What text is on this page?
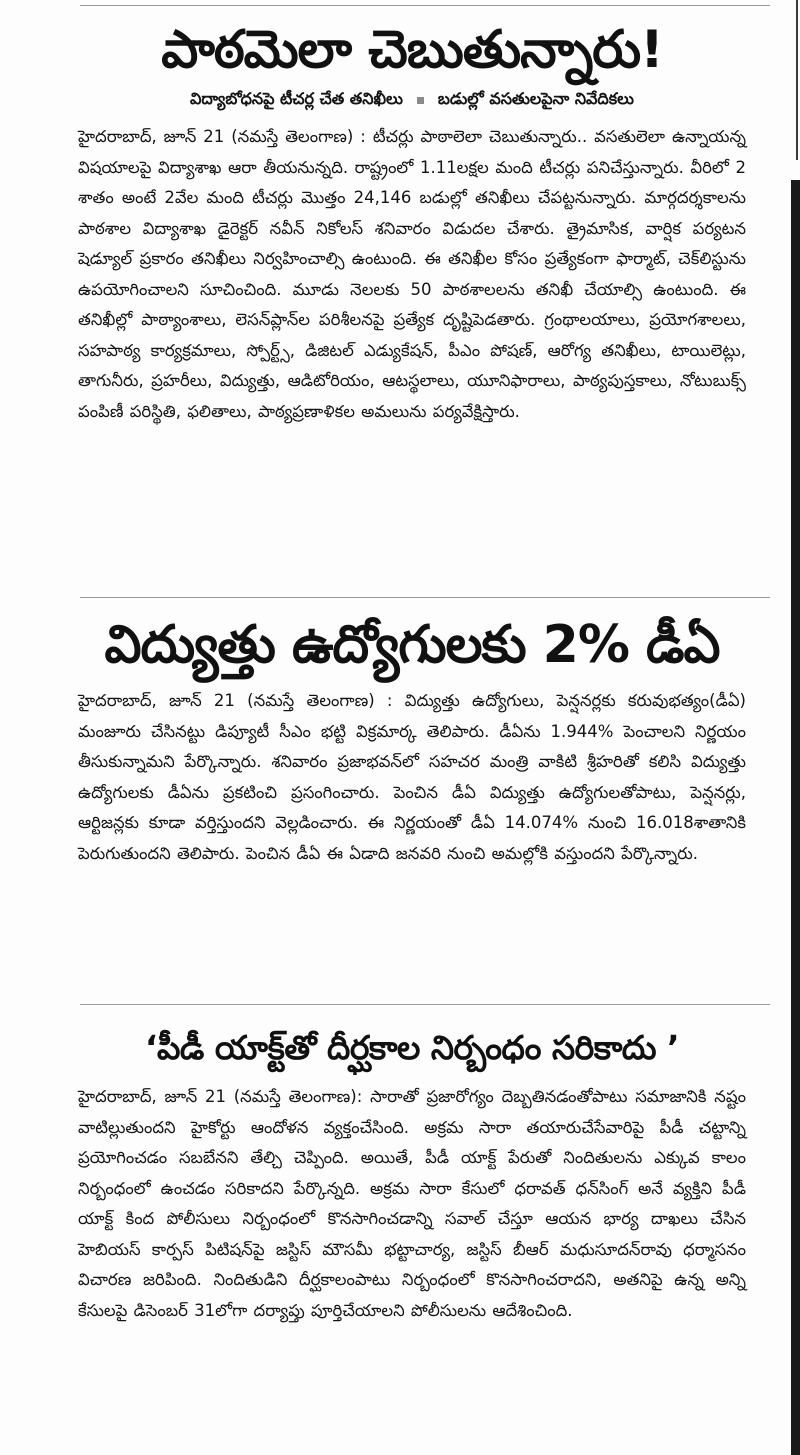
పాఠమెలా చెబుతున్నారు!
విద్యాబోధనపై టీచర్ల చేత తనిఖీలు బడుల్లో వసతులపైనా నివేదికలు

హైదరాబాద్, జూన్ 21 (నమస్తే తెలంగాణ) : టీచర్లు పాఠాలెలా చెబుతున్నారు.. వసతులెలా ఉన్నాయన్న విషయాలపై విద్యాశాఖ ఆరా తీయనున్నది. రాష్ట్రంలో 1.11లక్షల మంది టీచర్లు పనిచేస్తున్నారు. వీరిలో 2 శాతం అంటే 2వేల మంది టీచర్లు మొత్తం 24,146 బడుల్లో తనిఖీలు చేపట్టనున్నారు. మార్గదర్శకాలను పాఠశాల విద్యాశాఖ డైరెక్టర్ నవీన్ నికోలస్ శనివారం విడుదల చేశారు. త్రైమాసిక, వార్షిక పర్యటన షెడ్యూల్ ప్రకారం తనిఖీలు నిర్వహించాల్సి ఉంటుంది. ఈ తనిఖీల కోసం ప్రత్యేకంగా ఫార్మాట్, చెక్‌లిస్టును ఉపయోగించాలని సూచించింది. మూడు నెలలకు 50 పాఠశాలలను తనిఖీ చేయాల్సి ఉంటుంది. ఈ తనిఖీల్లో పాఠ్యాంశాలు, లెసన్‌ప్లాన్‌ల పరిశీలనపై ప్రత్యేక దృష్టిపెడతారు. గ్రంథాలయాలు, ప్రయోగశాలలు, సహపాఠ్య కార్యక్రమాలు, స్పోర్ట్స్, డిజిటల్ ఎడ్యుకేషన్, పీఎం పోషణ్, ఆరోగ్య తనిఖీలు, టాయిలెట్లు, తాగునీరు, ప్రహరీలు, విద్యుత్తు, ఆడిటోరియం, ఆటస్థలాలు, యూనిఫారాలు, పాఠ్యపుస్తకాలు, నోటుబుక్స్ పంపిణీ పరిస్థితి, ఫలితాలు, పాఠ్యప్రణాళికల అమలును పర్యవేక్షిస్తారు.

విద్యుత్తు ఉద్యోగులకు 2% డీఏ

హైదరాబాద్, జూన్ 21 (నమస్తే తెలంగాణ) : విద్యుత్తు ఉద్యోగులు, పెన్షనర్లకు కరువుభత్యం(డీఏ) మంజూరు చేసినట్టు డిప్యూటీ సీఎం భట్టి విక్రమార్క తెలిపారు. డీఏను 1.944% పెంచాలని నిర్ణయం తీసుకున్నామని పేర్కొన్నారు. శనివారం ప్రజాభవన్‌లో సహచర మంత్రి వాకిటి శ్రీహరితో కలిసి విద్యుత్తు ఉద్యోగులకు డీఏను ప్రకటించి ప్రసంగించారు. పెంచిన డీఏ విద్యుత్తు ఉద్యోగులతోపాటు, పెన్షనర్లు, ఆర్టిజన్లకు కూడా వర్తిస్తుందని వెల్లడించారు. ఈ నిర్ణయంతో డీఏ 14.074% నుంచి 16.018శాతానికి పెరుగుతుందని తెలిపారు. పెంచిన డీఏ ఈ ఏడాది జనవరి నుంచి అమల్లోకి వస్తుందని పేర్కొన్నారు.

‘పీడీ యాక్ట్‌తో దీర్ఘకాల నిర్బంధం సరికాదు ’

హైదరాబాద్, జూన్ 21 (నమస్తే తెలంగాణ): సారాతో ప్రజారోగ్యం దెబ్బతినడంతోపాటు సమాజానికి నష్టం వాటిల్లుతుందని హైకోర్టు ఆందోళన వ్యక్తంచేసింది. అక్రమ సారా తయారుచేసేవారిపై పీడీ చట్టాన్ని ప్రయోగించడం సబబేనని తేల్చి చెప్పింది. అయితే, పీడీ యాక్ట్ పేరుతో నిందితులను ఎక్కువ కాలం నిర్బంధంలో ఉంచడం సరికాదని పేర్కొన్నది. అక్రమ సారా కేసులో ధరావత్ ధన్‌సింగ్ అనే వ్యక్తిని పీడీ యాక్ట్ కింద పోలీసులు నిర్బంధంలో కొనసాగించడాన్ని సవాల్ చేస్తూ ఆయన భార్య దాఖలు చేసిన హెబియస్ కార్పస్ పిటిషన్‌పై జస్టిస్ మౌసమీ భట్టాచార్య, జస్టిస్ బీఆర్ మధుసూదన్‌రావు ధర్మాసనం విచారణ జరిపింది. నిందితుడిని దీర్ఘకాలంపాటు నిర్బంధంలో కొనసాగించరాదని, అతనిపై ఉన్న అన్ని కేసులపై డిసెంబర్ 31లోగా దర్యాప్తు పూర్తిచేయాలని పోలీసులను ఆదేశించింది.
